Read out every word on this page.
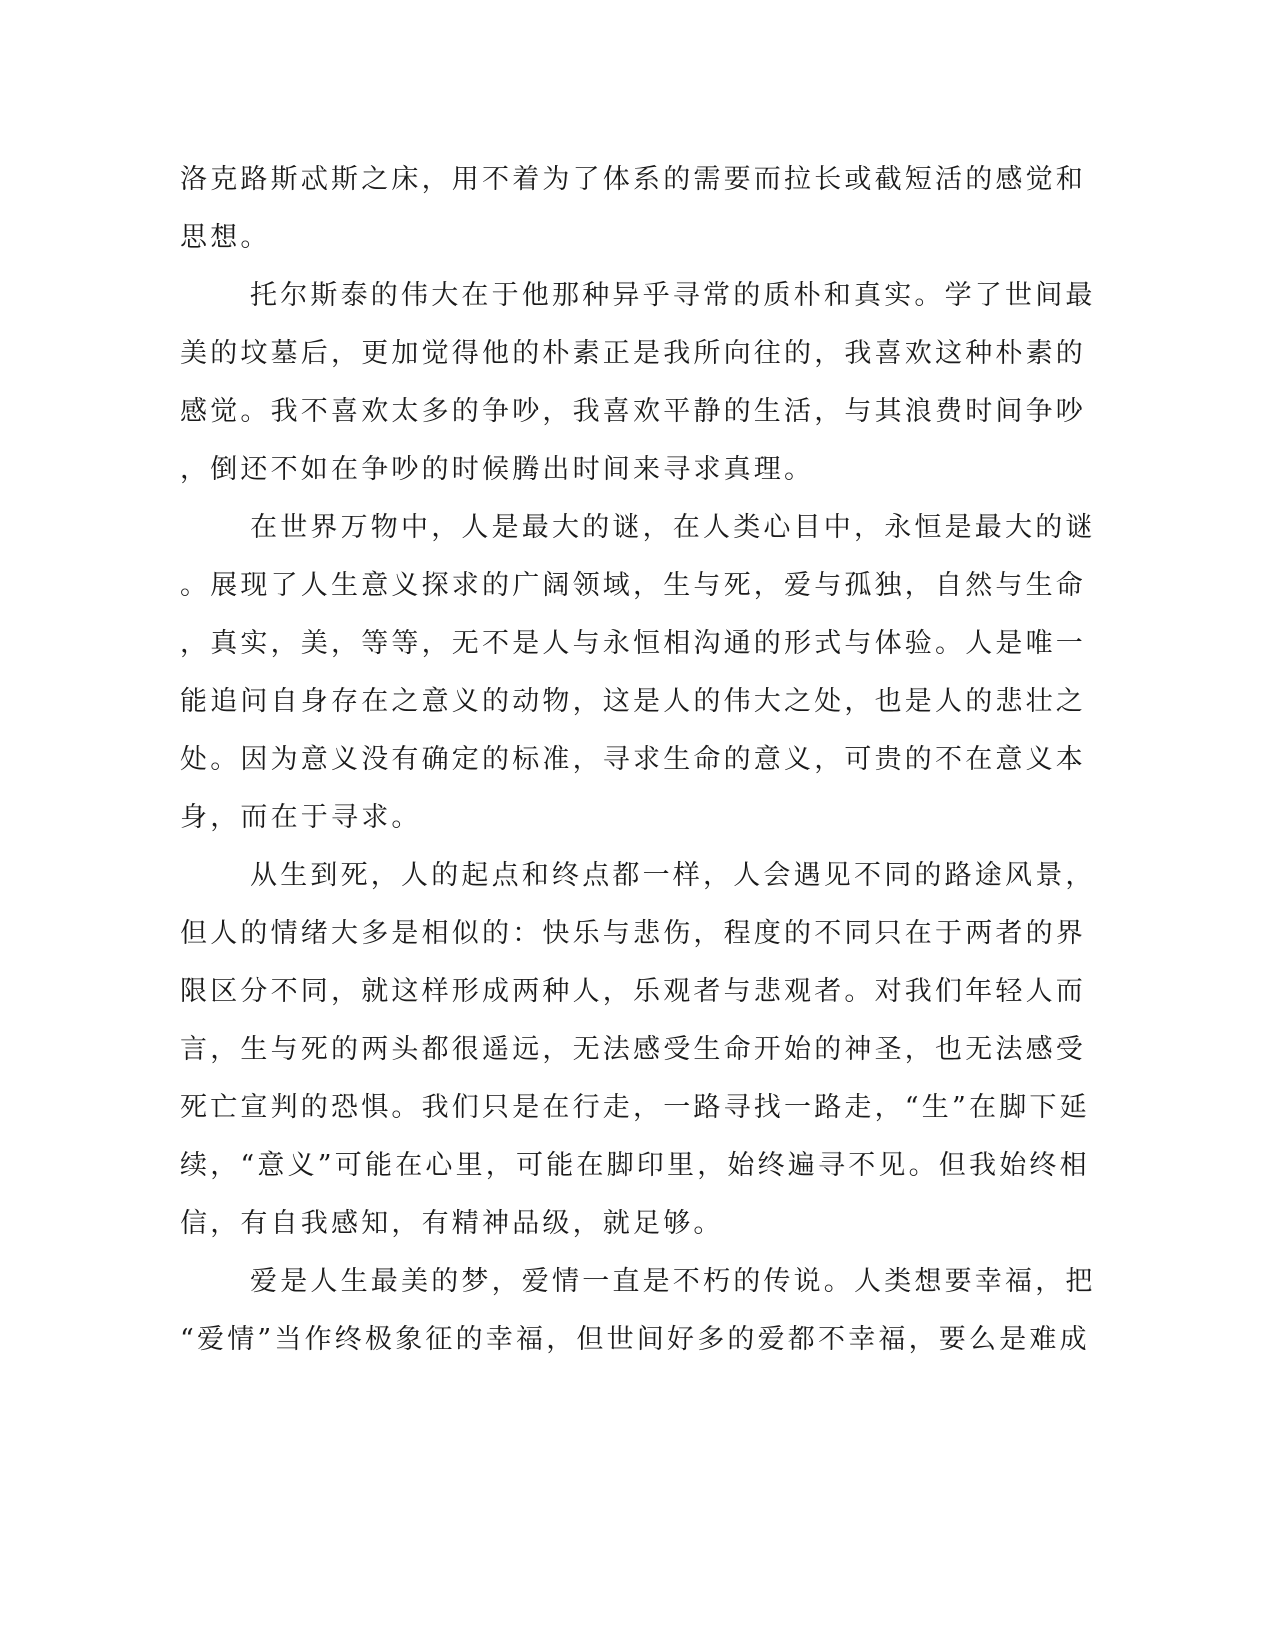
洛克路斯忒斯之床，用不着为了体系的需要而拉长或截短活的感觉和
思想。
托尔斯泰的伟大在于他那种异乎寻常的质朴和真实。学了世间最
美的坟墓后，更加觉得他的朴素正是我所向往的，我喜欢这种朴素的
感觉。我不喜欢太多的争吵，我喜欢平静的生活，与其浪费时间争吵
，倒还不如在争吵的时候腾出时间来寻求真理。
在世界万物中，人是最大的谜，在人类心目中，永恒是最大的谜
。展现了人生意义探求的广阔领域，生与死，爱与孤独，自然与生命
，真实，美，等等，无不是人与永恒相沟通的形式与体验。人是唯一
能追问自身存在之意义的动物，这是人的伟大之处，也是人的悲壮之
处。因为意义没有确定的标准，寻求生命的意义，可贵的不在意义本
身，而在于寻求。
从生到死，人的起点和终点都一样，人会遇见不同的路途风景，
但人的情绪大多是相似的：快乐与悲伤，程度的不同只在于两者的界
限区分不同，就这样形成两种人，乐观者与悲观者。对我们年轻人而
言，生与死的两头都很遥远，无法感受生命开始的神圣，也无法感受
死亡宣判的恐惧。我们只是在行走，一路寻找一路走，“生”在脚下延
续，“意义”可能在心里，可能在脚印里，始终遍寻不见。但我始终相
信，有自我感知，有精神品级，就足够。
爱是人生最美的梦，爱情一直是不朽的传说。人类想要幸福，把
“爱情”当作终极象征的幸福，但世间好多的爱都不幸福，要么是难成
